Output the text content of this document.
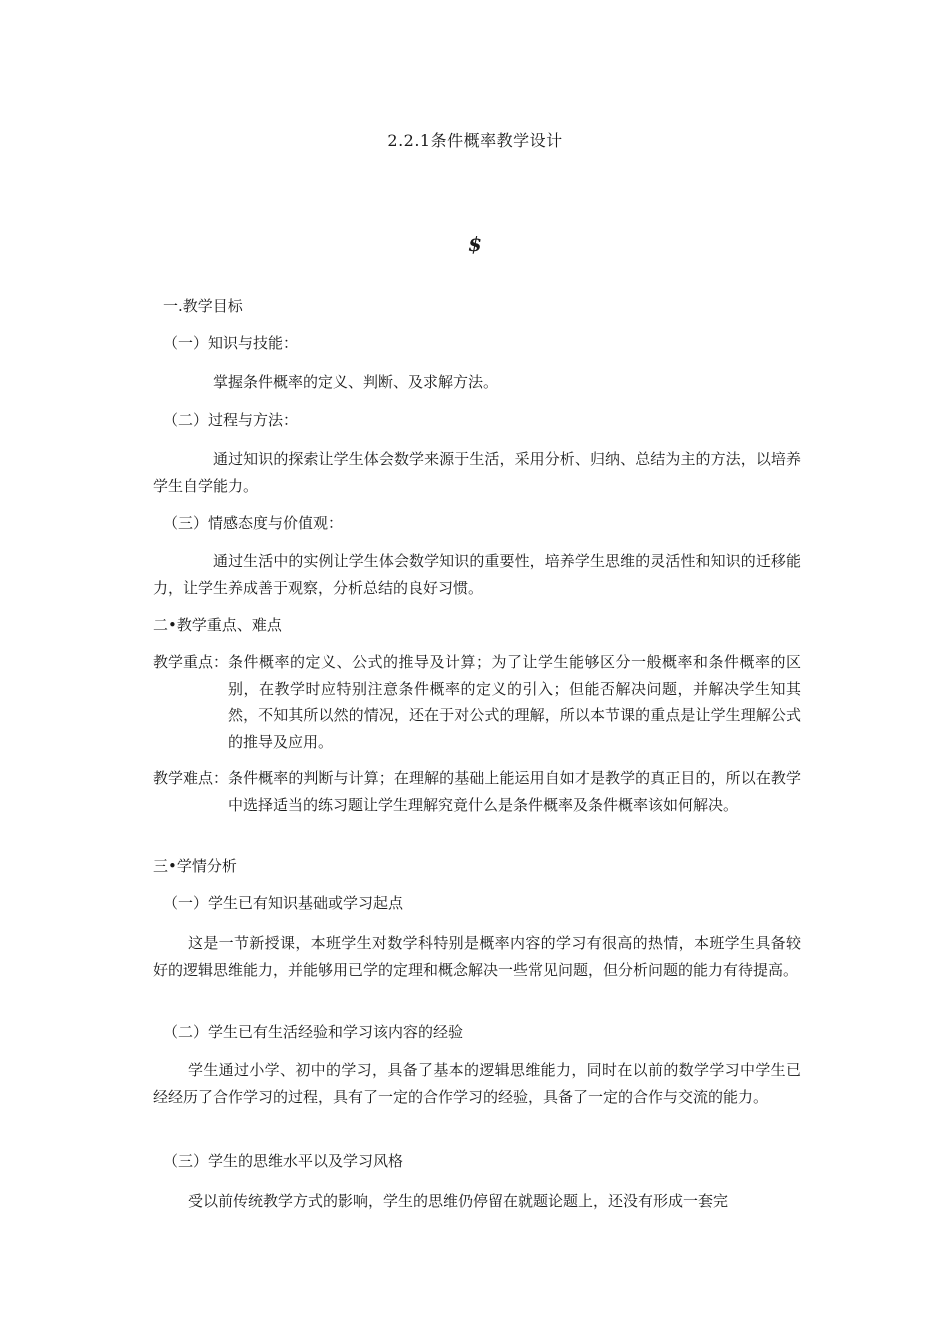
2.2.1条件概率教学设计
$
一.教学目标
（一）知识与技能：
掌握条件概率的定义、判断、及求解方法。
（二）过程与方法：
通过知识的探索让学生体会数学来源于生活，采用分析、归纳、总结为主的方法，以培养学生自学能力。
（三）情感态度与价值观：
通过生活中的实例让学生体会数学知识的重要性，培养学生思维的灵活性和知识的迁移能力，让学生养成善于观察，分析总结的良好习惯。
二•教学重点、难点
教学重点： 条件概率的定义、公式的推导及计算；为了让学生能够区分一般概率和条件概率的区别，在教学时应特别注意条件概率的定义的引入；但能否解决问题，并解决学生知其然，不知其所以然的情况，还在于对公式的理解，所以本节课的重点是让学生理解公式的推导及应用。
教学难点： 条件概率的判断与计算；在理解的基础上能运用自如才是教学的真正目的，所以在教学中选择适当的练习题让学生理解究竟什么是条件概率及条件概率该如何解决。
三•学情分析
（一）学生已有知识基础或学习起点
这是一节新授课，本班学生对数学科特别是概率内容的学习有很高的热情，本班学生具备较好的逻辑思维能力，并能够用已学的定理和概念解决一些常见问题，但分析问题的能力有待提高。
（二）学生已有生活经验和学习该内容的经验
学生通过小学、初中的学习，具备了基本的逻辑思维能力，同时在以前的数学学习中学生已经经历了合作学习的过程，具有了一定的合作学习的经验，具备了一定的合作与交流的能力。
（三）学生的思维水平以及学习风格
受以前传统教学方式的影响，学生的思维仍停留在就题论题上，还没有形成一套完
